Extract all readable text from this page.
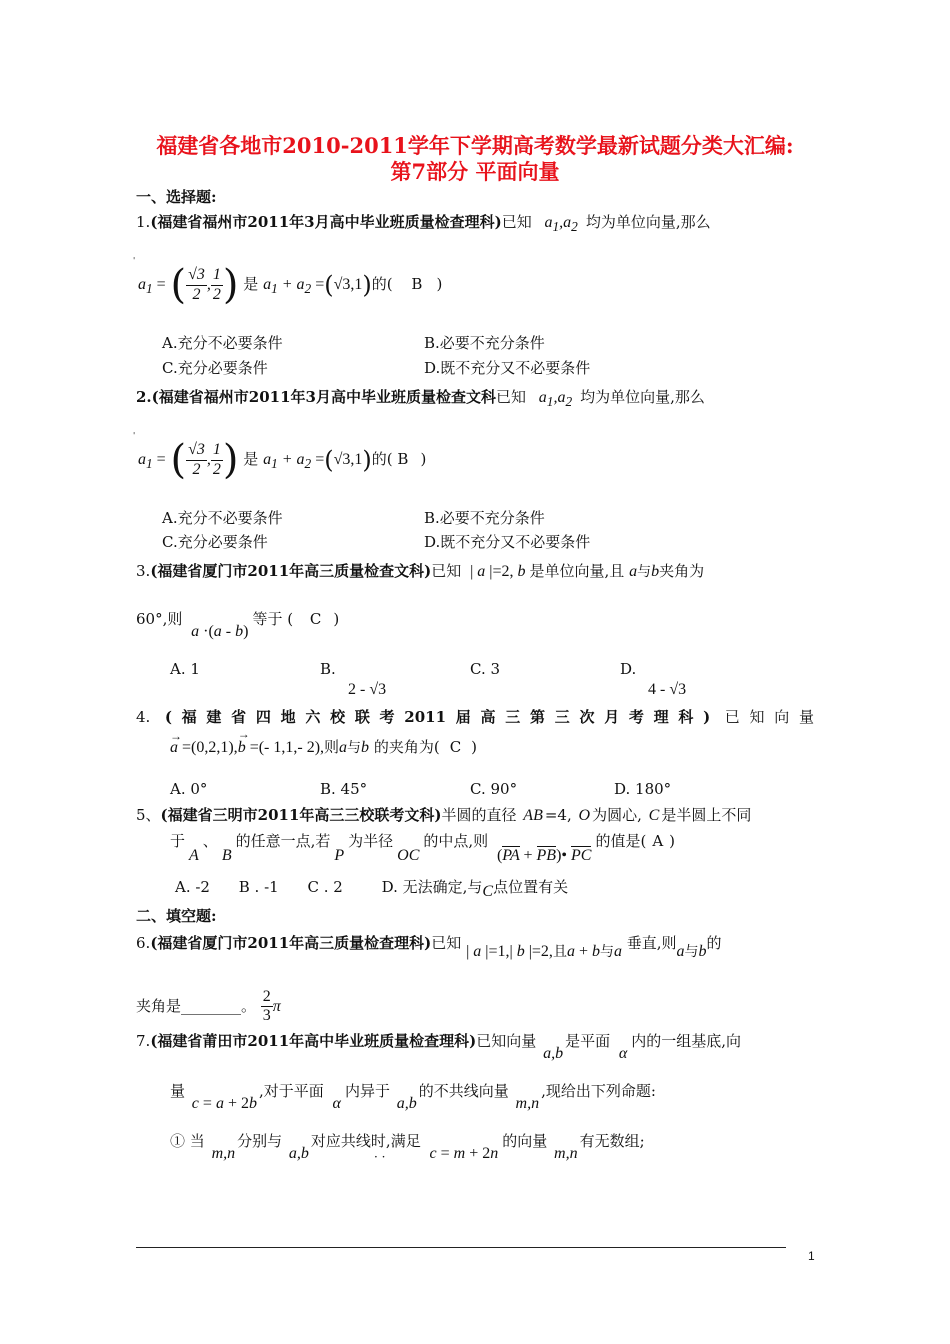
福建省各地市2010-2011学年下学期高考数学最新试题分类大汇编:
第7部分 平面向量
一、选择题:
1.(福建省福州市2011年3月高中毕业班质量检查理科)已知 $a_1,a_2$ 均为单位向量,那么
'
$a_1$ = ( $\frac{√3}{2}$ , $\frac{1}{2}$ ) 是 $a_1 + a_2 =(√3,1)$的( B )
A.充分不必要条件	B.必要不充分条件
C.充分必要条件	D.既不充分又不必要条件
2.(福建省福州市2011年3月高中毕业班质量检查文科已知 $a_1,a_2$ 均为单位向量,那么
'
$a_1$ = ( $\frac{√3}{2}$ , $\frac{1}{2}$ ) 是 $a_1 + a_2 =(√3,1)$的( B )
A.充分不必要条件	B.必要不充分条件
C.充分必要条件	D.既不充分又不必要条件
3.(福建省厦门市2011年高三质量检查文科)已知 | a |=2, b 是单位向量,且 a与b夹角为
60°,则 a ·(a - b)等于 ( C )
A. 1	B.
2 - √3
C. 3	D.
4 - √3
4. (福建省四地六校联考2011届高三第三次月考理科) 已知向量
a
→
=(0,2,1),b
→
=(- 1,1,- 2),则a与b 的夹角为( C )
A. 0°	B. 45°	C. 90°	D. 180°
5、(福建省三明市2011年高三三校联考文科)半圆的直径 AB =4, O 为圆心, C 是半圆上不同
于A、B的任意一点,若P为半径OC的中点,则 (PA + PB)• PC的值是( A )
A. -2 B . -1 C . 2	D. 无法确定,与C点位置有关
二、填空题:
6.(福建省厦门市2011年高三质量检查理科)已知 | a |=1,| b |=2,且a + b与a 垂直,则a与b的
夹角是________。 $\frac{2}{3}$ π
7.(福建省莆田市2011年高中毕业班质量检查理科)已知向量 a,b是平面 α内的一组基底,向
量 c = a + 2b,对于平面 α内异于 a,b的不共线向量 m,n,现给出下列命题:
① 当 m,n分别与 a,b对应共线时,满足 c = m + 2n的向量 m,n有无数组;
· ·
1
